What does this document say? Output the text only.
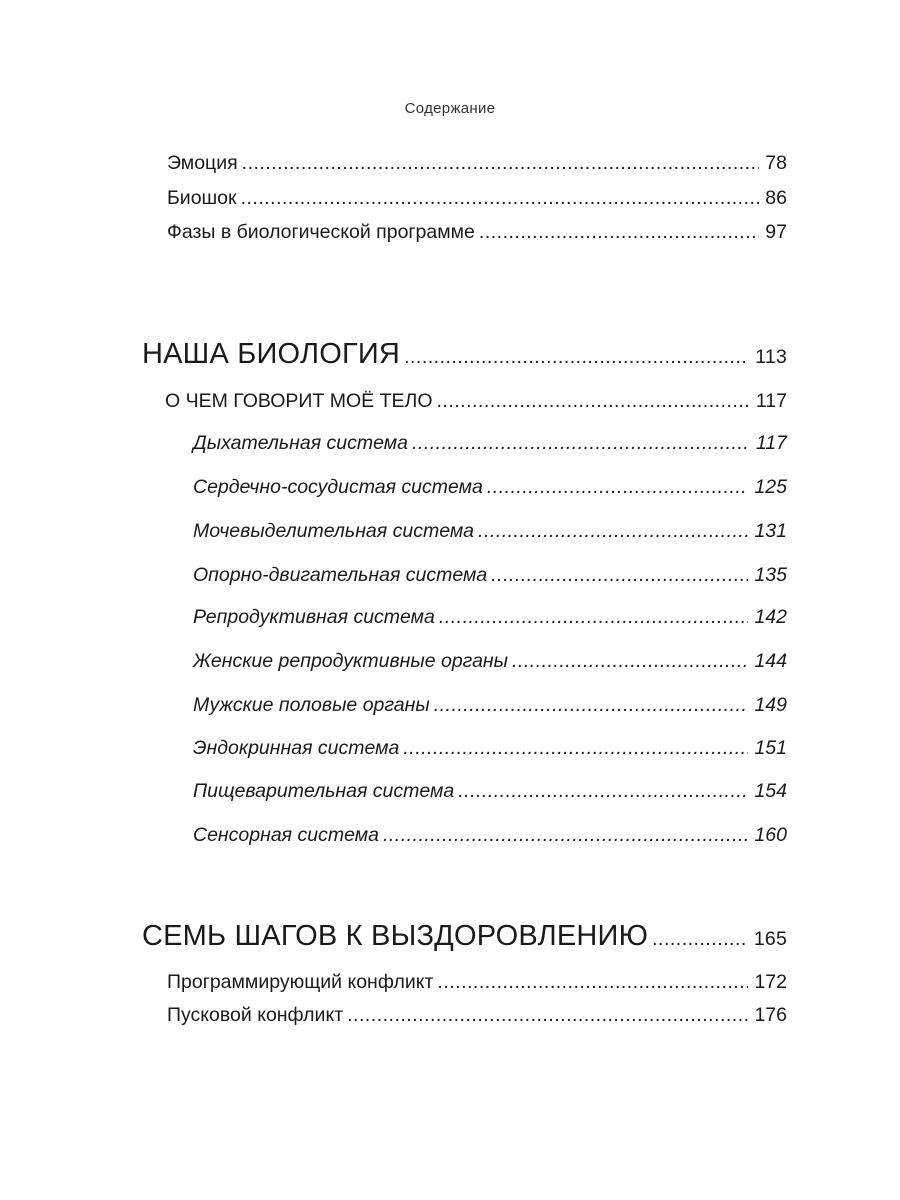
Содержание
Эмоция .....	78
Биошок .....	86
Фазы в биологической программе .....	97
НАША БИОЛОГИЯ .....	113
О ЧЕМ ГОВОРИТ МОЁ ТЕЛО .....	117
Дыхательная система .....	117
Сердечно-сосудистая система .....	125
Мочевыделительная система .....	131
Опорно-двигательная система .....	135
Репродуктивная система .....	142
Женские репродуктивные органы .....	144
Мужские половые органы .....	149
Эндокринная система .....	151
Пищеварительная система .....	154
Сенсорная система .....	160
СЕМЬ ШАГОВ К ВЫЗДОРОВЛЕНИЮ .....	165
Программирующий конфликт .....	172
Пусковой конфликт .....	176
